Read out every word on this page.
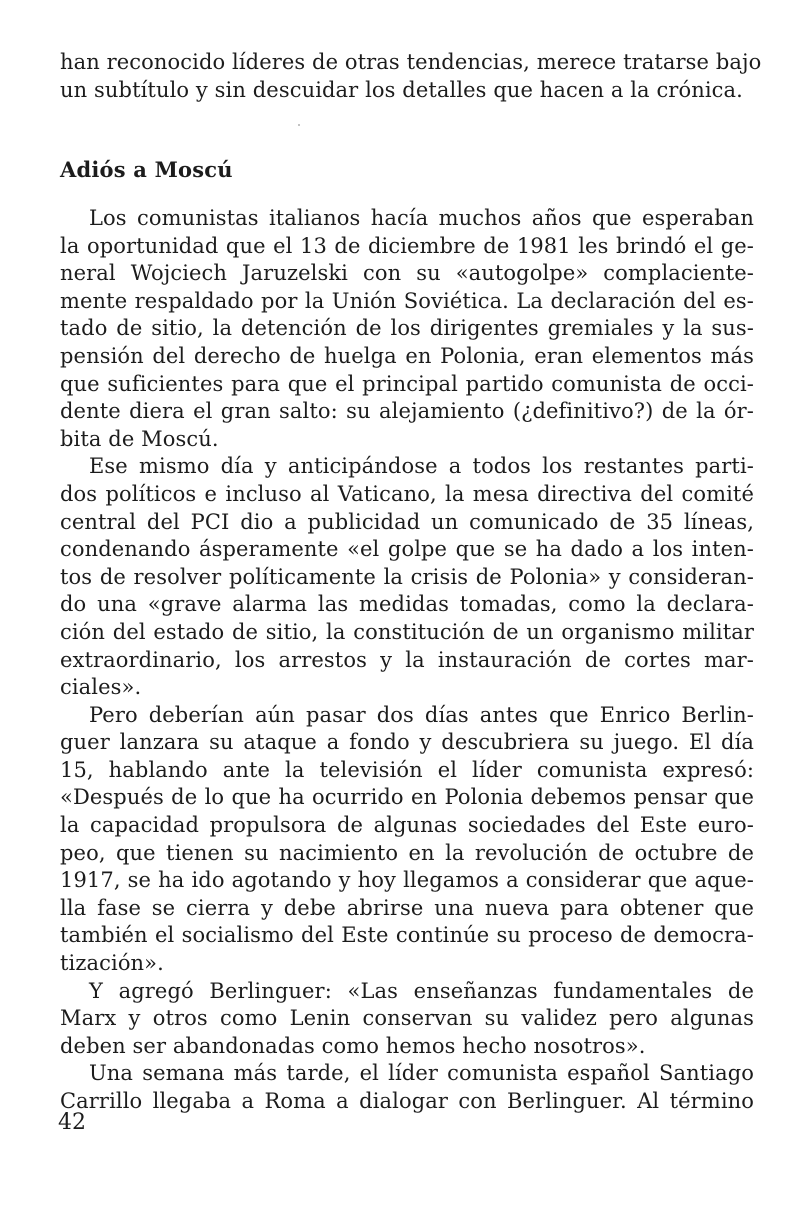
han reconocido líderes de otras tendencias, merece tratarse bajo
un subtítulo y sin descuidar los detalles que hacen a la crónica.
Adiós a Moscú
Los comunistas italianos hacía muchos años que esperaban
la oportunidad que el 13 de diciembre de 1981 les brindó el ge-
neral Wojciech Jaruzelski con su «autogolpe» complaciente-
mente respaldado por la Unión Soviética. La declaración del es-
tado de sitio, la detención de los dirigentes gremiales y la sus-
pensión del derecho de huelga en Polonia, eran elementos más
que suficientes para que el principal partido comunista de occi-
dente diera el gran salto: su alejamiento (¿definitivo?) de la ór-
bita de Moscú.
Ese mismo día y anticipándose a todos los restantes parti-
dos políticos e incluso al Vaticano, la mesa directiva del comité
central del PCI dio a publicidad un comunicado de 35 líneas,
condenando ásperamente «el golpe que se ha dado a los inten-
tos de resolver políticamente la crisis de Polonia» y consideran-
do una «grave alarma las medidas tomadas, como la declara-
ción del estado de sitio, la constitución de un organismo militar
extraordinario, los arrestos y la instauración de cortes mar-
ciales».
Pero deberían aún pasar dos días antes que Enrico Berlin-
guer lanzara su ataque a fondo y descubriera su juego. El día
15, hablando ante la televisión el líder comunista expresó:
«Después de lo que ha ocurrido en Polonia debemos pensar que
la capacidad propulsora de algunas sociedades del Este euro-
peo, que tienen su nacimiento en la revolución de octubre de
1917, se ha ido agotando y hoy llegamos a considerar que aque-
lla fase se cierra y debe abrirse una nueva para obtener que
también el socialismo del Este continúe su proceso de democra-
tización».
Y agregó Berlinguer: «Las enseñanzas fundamentales de
Marx y otros como Lenin conservan su validez pero algunas
deben ser abandonadas como hemos hecho nosotros».
Una semana más tarde, el líder comunista español Santiago
Carrillo llegaba a Roma a dialogar con Berlinguer. Al término
42
